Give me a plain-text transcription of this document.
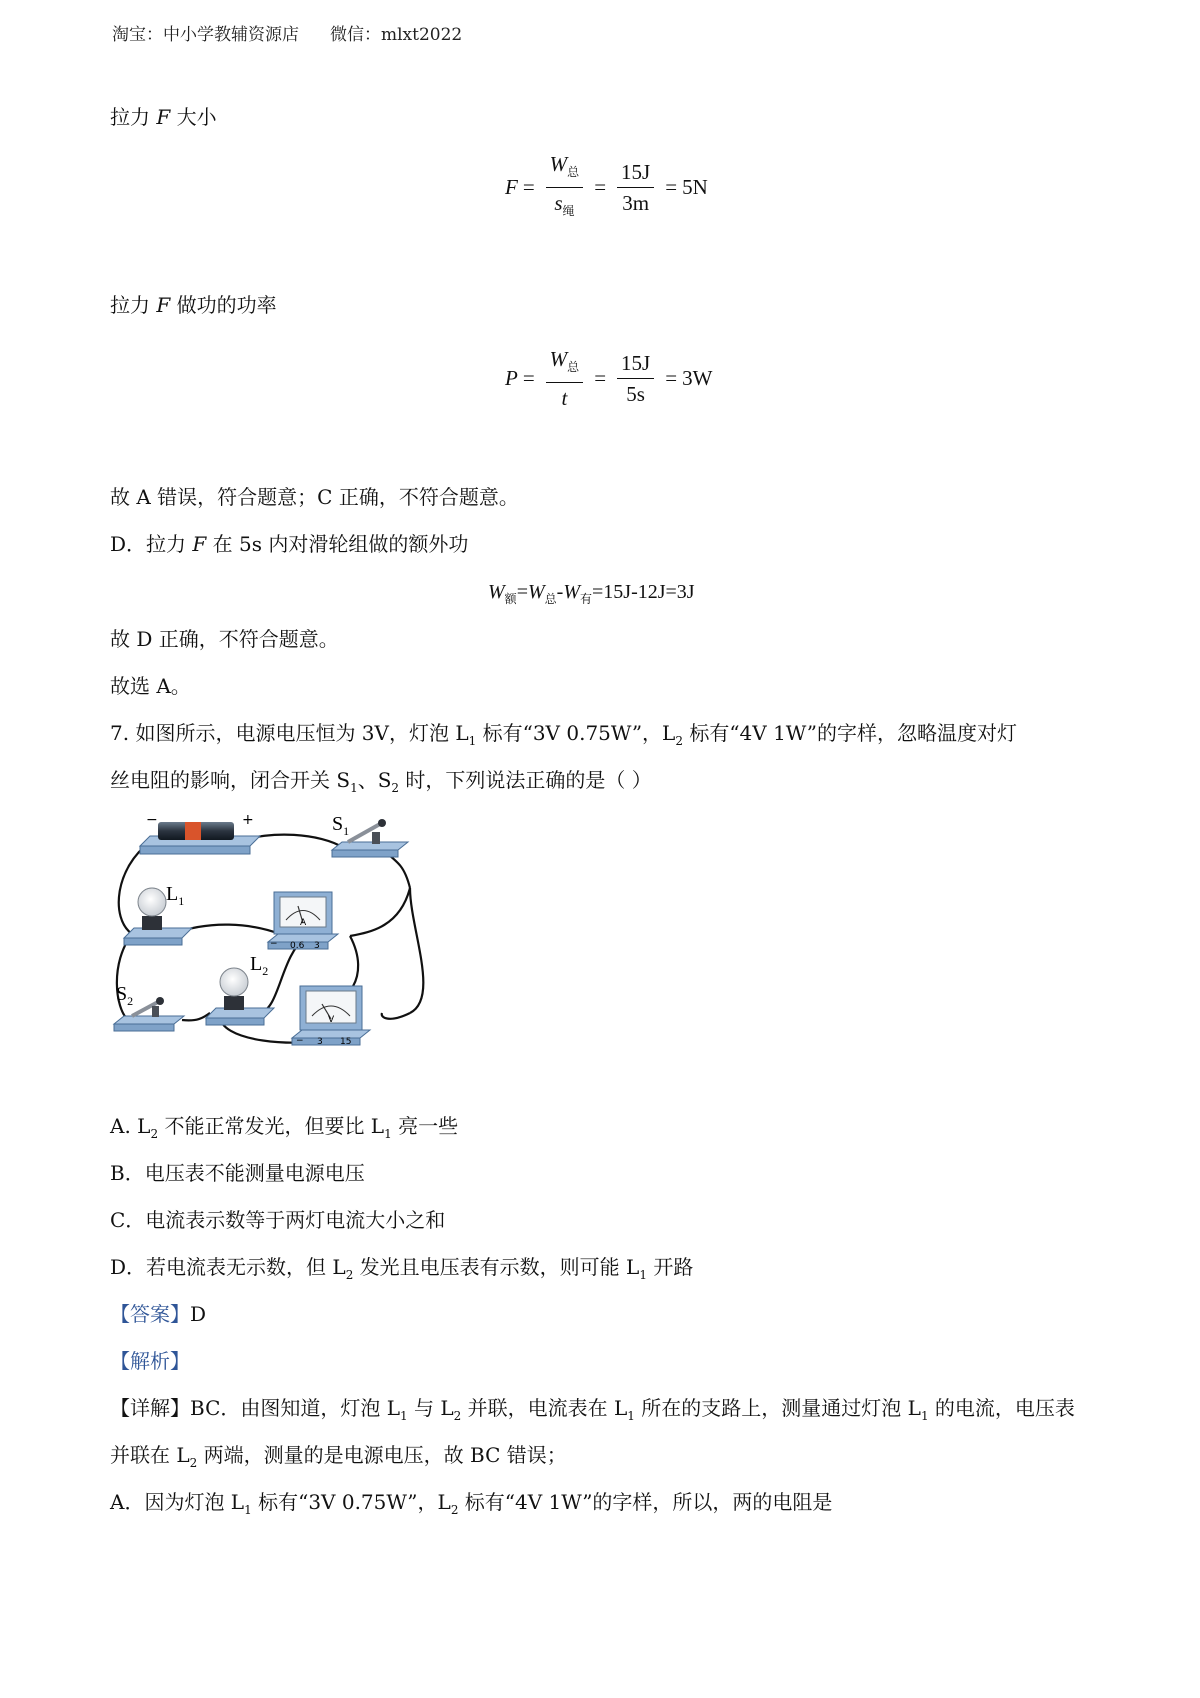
淘宝：中小学教辅资源店 微信：mlxt2022
拉力 F 大小
$F = \frac{W_总}{s_绳} = \frac{15J}{3m} = 5N$
拉力 F 做功的功率
$P = \frac{W_总}{t} = \frac{15J}{5s} = 3W$
故 A 错误，符合题意；C 正确，不符合题意。
D．拉力 F 在 5s 内对滑轮组做的额外功
$W_额=W_总-W_有=15J-12J=3J$
故 D 正确，不符合题意。
故选 A。
7. 如图所示，电源电压恒为 3V，灯泡 $L_1$ 标有“3V 0.75W”，$L_2$ 标有“4V 1W”的字样，忽略温度对灯
丝电阻的影响，闭合开关 $S_1$、$S_2$ 时，下列说法正确的是（ ）
−	+	$S_1$
$L_1$
A
− 0.6 3
$S_2$
$L_2$
V
− 3 15
A. $L_2$ 不能正常发光，但要比 $L_1$ 亮一些
B．电压表不能测量电源电压
C．电流表示数等于两灯电流大小之和
D．若电流表无示数，但 $L_2$ 发光且电压表有示数，则可能 $L_1$ 开路
【答案】D
【解析】
【详解】BC．由图知道，灯泡 $L_1$ 与 $L_2$ 并联，电流表在 $L_1$ 所在的支路上，测量通过灯泡 $L_1$ 的电流，电压表
并联在 $L_2$ 两端，测量的是电源电压，故 BC 错误；
A．因为灯泡 $L_1$ 标有“3V 0.75W”，$L_2$ 标有“4V 1W”的字样，所以，两的电阻是
